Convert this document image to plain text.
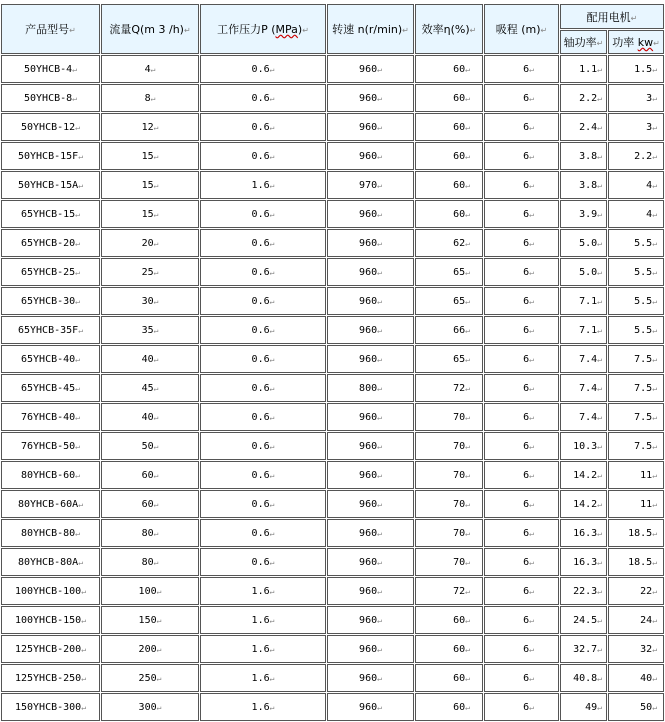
产品型号↵	流量Q(m 3 /h)↵	工作压力P (MPa)↵	转速 n(r/min)↵	效率η(%)↵	吸程 (m)↵	配用电机↵	
						轴功率↵	功率 kw↵
50YHCB-4↵	4↵	0.6↵	960↵	60↵	6↵	1.1↵	1.5↵
50YHCB-8↵	8↵	0.6↵	960↵	60↵	6↵	2.2↵	3↵
50YHCB-12↵	12↵	0.6↵	960↵	60↵	6↵	2.4↵	3↵
50YHCB-15F↵	15↵	0.6↵	960↵	60↵	6↵	3.8↵	2.2↵
50YHCB-15A↵	15↵	1.6↵	970↵	60↵	6↵	3.8↵	4↵
65YHCB-15↵	15↵	0.6↵	960↵	60↵	6↵	3.9↵	4↵
65YHCB-20↵	20↵	0.6↵	960↵	62↵	6↵	5.0↵	5.5↵
65YHCB-25↵	25↵	0.6↵	960↵	65↵	6↵	5.0↵	5.5↵
65YHCB-30↵	30↵	0.6↵	960↵	65↵	6↵	7.1↵	5.5↵
65YHCB-35F↵	35↵	0.6↵	960↵	66↵	6↵	7.1↵	5.5↵
65YHCB-40↵	40↵	0.6↵	960↵	65↵	6↵	7.4↵	7.5↵
65YHCB-45↵	45↵	0.6↵	800↵	72↵	6↵	7.4↵	7.5↵
76YHCB-40↵	40↵	0.6↵	960↵	70↵	6↵	7.4↵	7.5↵
76YHCB-50↵	50↵	0.6↵	960↵	70↵	6↵	10.3↵	7.5↵
80YHCB-60↵	60↵	0.6↵	960↵	70↵	6↵	14.2↵	11↵
80YHCB-60A↵	60↵	0.6↵	960↵	70↵	6↵	14.2↵	11↵
80YHCB-80↵	80↵	0.6↵	960↵	70↵	6↵	16.3↵	18.5↵
80YHCB-80A↵	80↵	0.6↵	960↵	70↵	6↵	16.3↵	18.5↵
100YHCB-100↵	100↵	1.6↵	960↵	72↵	6↵	22.3↵	22↵
100YHCB-150↵	150↵	1.6↵	960↵	60↵	6↵	24.5↵	24↵
125YHCB-200↵	200↵	1.6↵	960↵	60↵	6↵	32.7↵	32↵
125YHCB-250↵	250↵	1.6↵	960↵	60↵	6↵	40.8↵	40↵
150YHCB-300↵	300↵	1.6↵	960↵	60↵	6↵	49↵	50↵
